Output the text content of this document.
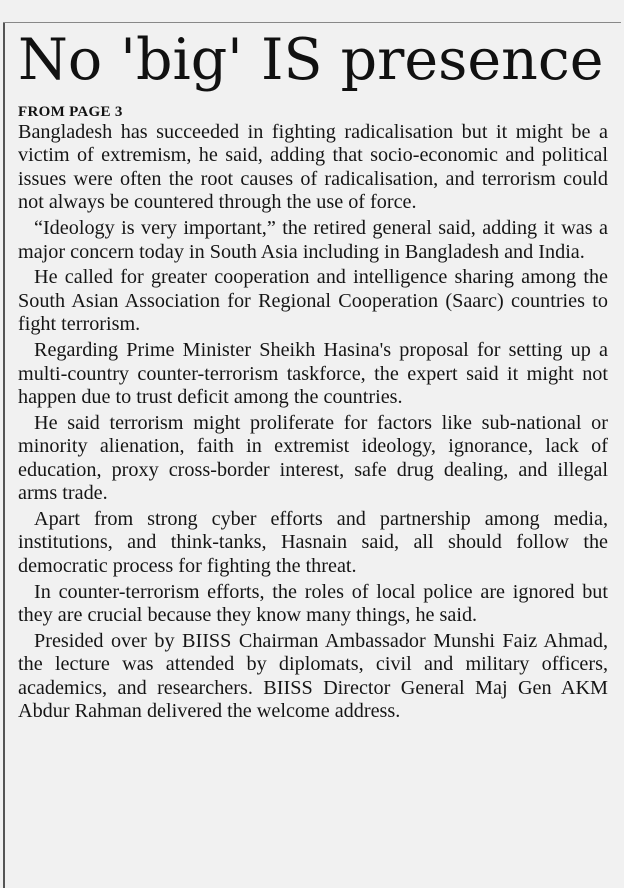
No 'big' IS presence
FROM PAGE 3

Bangladesh has succeeded in fighting radicalisation but it might be a victim of extremism, he said, adding that socio-economic and political issues were often the root causes of radicalisation, and terrorism could not always be countered through the use of force.

“Ideology is very important,” the retired general said, adding it was a major concern today in South Asia including in Bangladesh and India.

He called for greater cooperation and intelligence sharing among the South Asian Association for Regional Cooperation (Saarc) countries to fight terrorism.

Regarding Prime Minister Sheikh Hasina's proposal for setting up a multi-country counter-terrorism taskforce, the expert said it might not happen due to trust deficit among the countries.

He said terrorism might proliferate for factors like sub-national or minority alienation, faith in extremist ideology, ignorance, lack of education, proxy cross-border interest, safe drug dealing, and illegal arms trade.

Apart from strong cyber efforts and partnership among media, institutions, and think-tanks, Hasnain said, all should follow the democratic process for fighting the threat.

In counter-terrorism efforts, the roles of local police are ignored but they are crucial because they know many things, he said.

Presided over by BIISS Chairman Ambassador Munshi Faiz Ahmad, the lecture was attended by diplomats, civil and military officers, academics, and researchers. BIISS Director General Maj Gen AKM Abdur Rahman delivered the welcome address.
